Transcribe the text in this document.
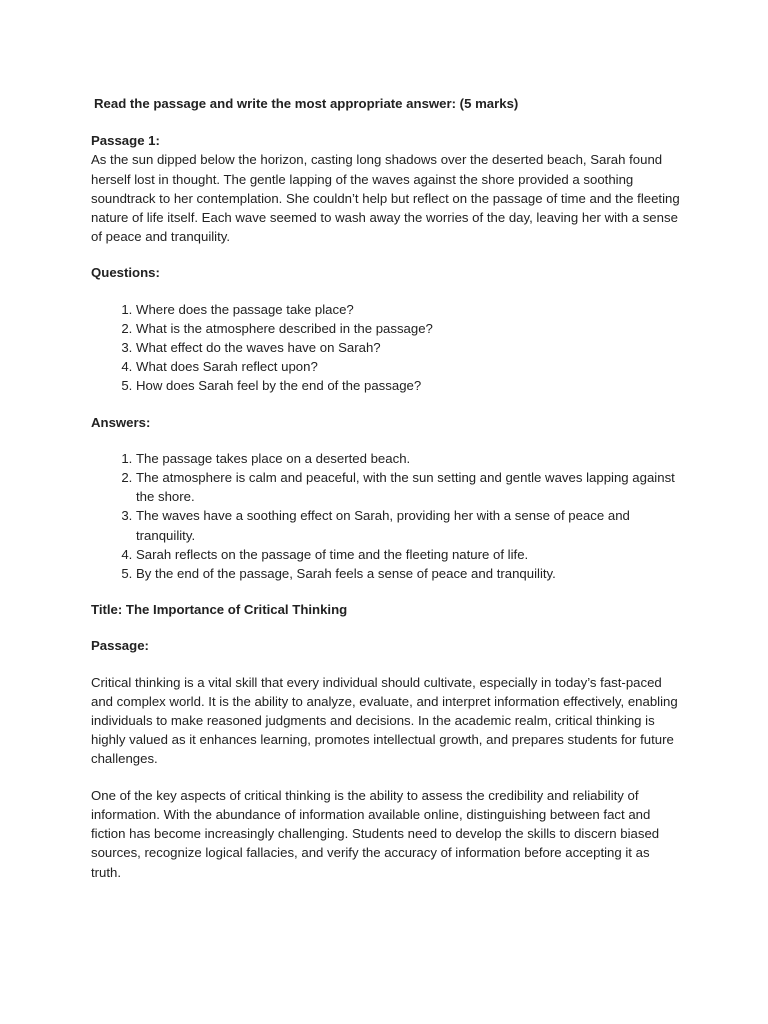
Read the passage and write the most appropriate answer: (5 marks)

Passage 1:

As the sun dipped below the horizon, casting long shadows over the deserted beach, Sarah found herself lost in thought. The gentle lapping of the waves against the shore provided a soothing soundtrack to her contemplation. She couldn’t help but reflect on the passage of time and the fleeting nature of life itself. Each wave seemed to wash away the worries of the day, leaving her with a sense of peace and tranquility.

Questions:

1. Where does the passage take place?
2. What is the atmosphere described in the passage?
3. What effect do the waves have on Sarah?
4. What does Sarah reflect upon?
5. How does Sarah feel by the end of the passage?

Answers:

1. The passage takes place on a deserted beach.
2. The atmosphere is calm and peaceful, with the sun setting and gentle waves lapping against the shore.
3. The waves have a soothing effect on Sarah, providing her with a sense of peace and tranquility.
4. Sarah reflects on the passage of time and the fleeting nature of life.
5. By the end of the passage, Sarah feels a sense of peace and tranquility.

Title: The Importance of Critical Thinking

Passage:

Critical thinking is a vital skill that every individual should cultivate, especially in today’s fast-paced and complex world. It is the ability to analyze, evaluate, and interpret information effectively, enabling individuals to make reasoned judgments and decisions. In the academic realm, critical thinking is highly valued as it enhances learning, promotes intellectual growth, and prepares students for future challenges.

One of the key aspects of critical thinking is the ability to assess the credibility and reliability of information. With the abundance of information available online, distinguishing between fact and fiction has become increasingly challenging. Students need to develop the skills to discern biased sources, recognize logical fallacies, and verify the accuracy of information before accepting it as truth.
